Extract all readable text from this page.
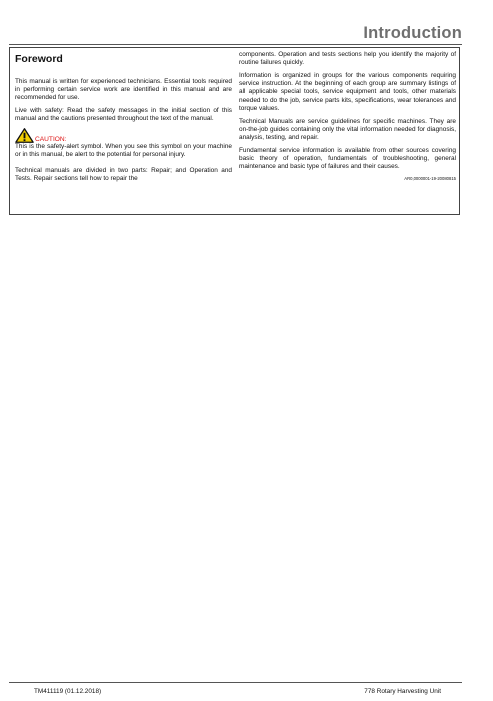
Introduction
Foreword

This manual is written for experienced technicians. Essential tools required in performing certain service work are identified in this manual and are recommended for use.

Live with safety: Read the safety messages in the initial section of this manual and the cautions presented throughout the text of the manual.

CAUTION:

This is the safety-alert symbol. When you see this symbol on your machine or in this manual, be alert to the potential for personal injury.

Technical manuals are divided in two parts: Repair; and Operation and Tests. Repair sections tell how to repair the

components. Operation and tests sections help you identify the majority of routine failures quickly.

Information is organized in groups for the various components requiring service instruction. At the beginning of each group are summary listings of all applicable special tools, service equipment and tools, other materials needed to do the job, service parts kits, specifications, wear tolerances and torque values.

Technical Manuals are service guidelines for specific machines. They are on-the-job guides containing only the vital information needed for diagnosis, analysis, testing, and repair.

Fundamental service information is available from other sources covering basic theory of operation, fundamentals of troubleshooting, general maintenance and basic type of failures and their causes.

AR0,0000001-19-20080815
TM411119 (01.12.2018)	778 Rotary Harvesting Unit
